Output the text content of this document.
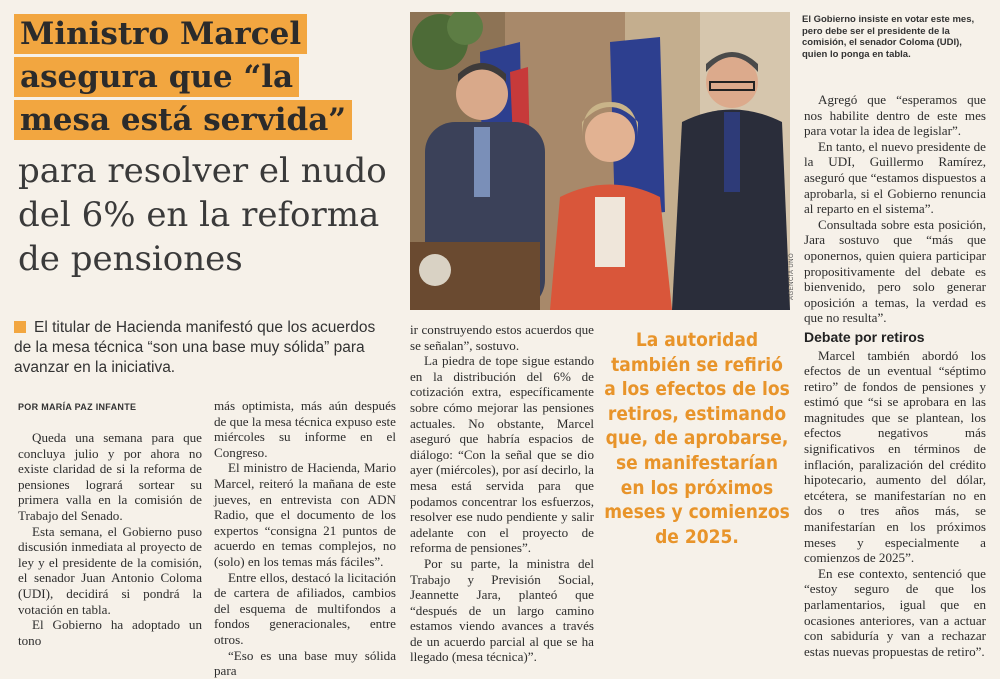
Ministro Marcel
asegura que “la
mesa está servida”
para resolver el nudo
del 6% en la reforma
de pensiones
El titular de Hacienda manifestó que los acuerdos de la mesa técnica “son una base muy sólida” para avanzar en la iniciativa.
POR MARÍA PAZ INFANTE

Queda una semana para que concluya julio y por ahora no existe claridad de si la reforma de pensiones logrará sortear su primera valla en la comisión de Trabajo del Senado.

Esta semana, el Gobierno puso discusión inmediata al proyecto de ley y el presidente de la comisión, el senador Juan Antonio Coloma (UDI), decidirá si pondrá la votación en tabla.

El Gobierno ha adoptado un tono

más optimista, más aún después de que la mesa técnica expuso este miércoles su informe en el Congreso.

El ministro de Hacienda, Mario Marcel, reiteró la mañana de este jueves, en entrevista con ADN Radio, que el documento de los expertos “consigna 21 puntos de acuerdo en temas complejos, no (solo) en los temas más fáciles”.

Entre ellos, destacó la licitación de cartera de afiliados, cambios del esquema de multifondos a fondos generacionales, entre otros.

“Eso es una base muy sólida para

AGENCIA UNO
El Gobierno insiste en votar este mes, pero debe ser el presidente de la comisión, el senador Coloma (UDI), quien lo ponga en tabla.

ir construyendo estos acuerdos que se señalan”, sostuvo.

La piedra de tope sigue estando en la distribución del 6% de cotización extra, específicamente sobre cómo mejorar las pensiones actuales. No obstante, Marcel aseguró que habría espacios de diálogo: “Con la señal que se dio ayer (miércoles), por así decirlo, la mesa está servida para que podamos concentrar los esfuerzos, resolver ese nudo pendiente y salir adelante con el proyecto de reforma de pensiones”.

Por su parte, la ministra del Trabajo y Previsión Social, Jeannette Jara, planteó que “después de un largo camino estamos viendo avances a través de un acuerdo parcial al que se ha llegado (mesa técnica)”.

La autoridad también se refirió a los efectos de los retiros, estimando que, de aprobarse, se manifestarían en los próximos meses y comienzos de 2025.

Agregó que “esperamos que nos habilite dentro de este mes para votar la idea de legislar”.

En tanto, el nuevo presidente de la UDI, Guillermo Ramírez, aseguró que “estamos dispuestos a aprobarla, si el Gobierno renuncia al reparto en el sistema”.

Consultada sobre esta posición, Jara sostuvo que “más que oponernos, quien quiera participar propositivamente del debate es bienvenido, pero solo generar oposición a temas, la verdad es que no resulta”.

Debate por retiros

Marcel también abordó los efectos de un eventual “séptimo retiro” de fondos de pensiones y estimó que “si se aprobara en las magnitudes que se plantean, los efectos negativos más significativos en términos de inflación, paralización del crédito hipotecario, aumento del dólar, etcétera, se manifestarían no en dos o tres años más, se manifestarían en los próximos meses y especialmente a comienzos de 2025”.

En ese contexto, sentenció que “estoy seguro de que los parlamentarios, igual que en ocasiones anteriores, van a actuar con sabiduría y van a rechazar estas nuevas propuestas de retiro”.
